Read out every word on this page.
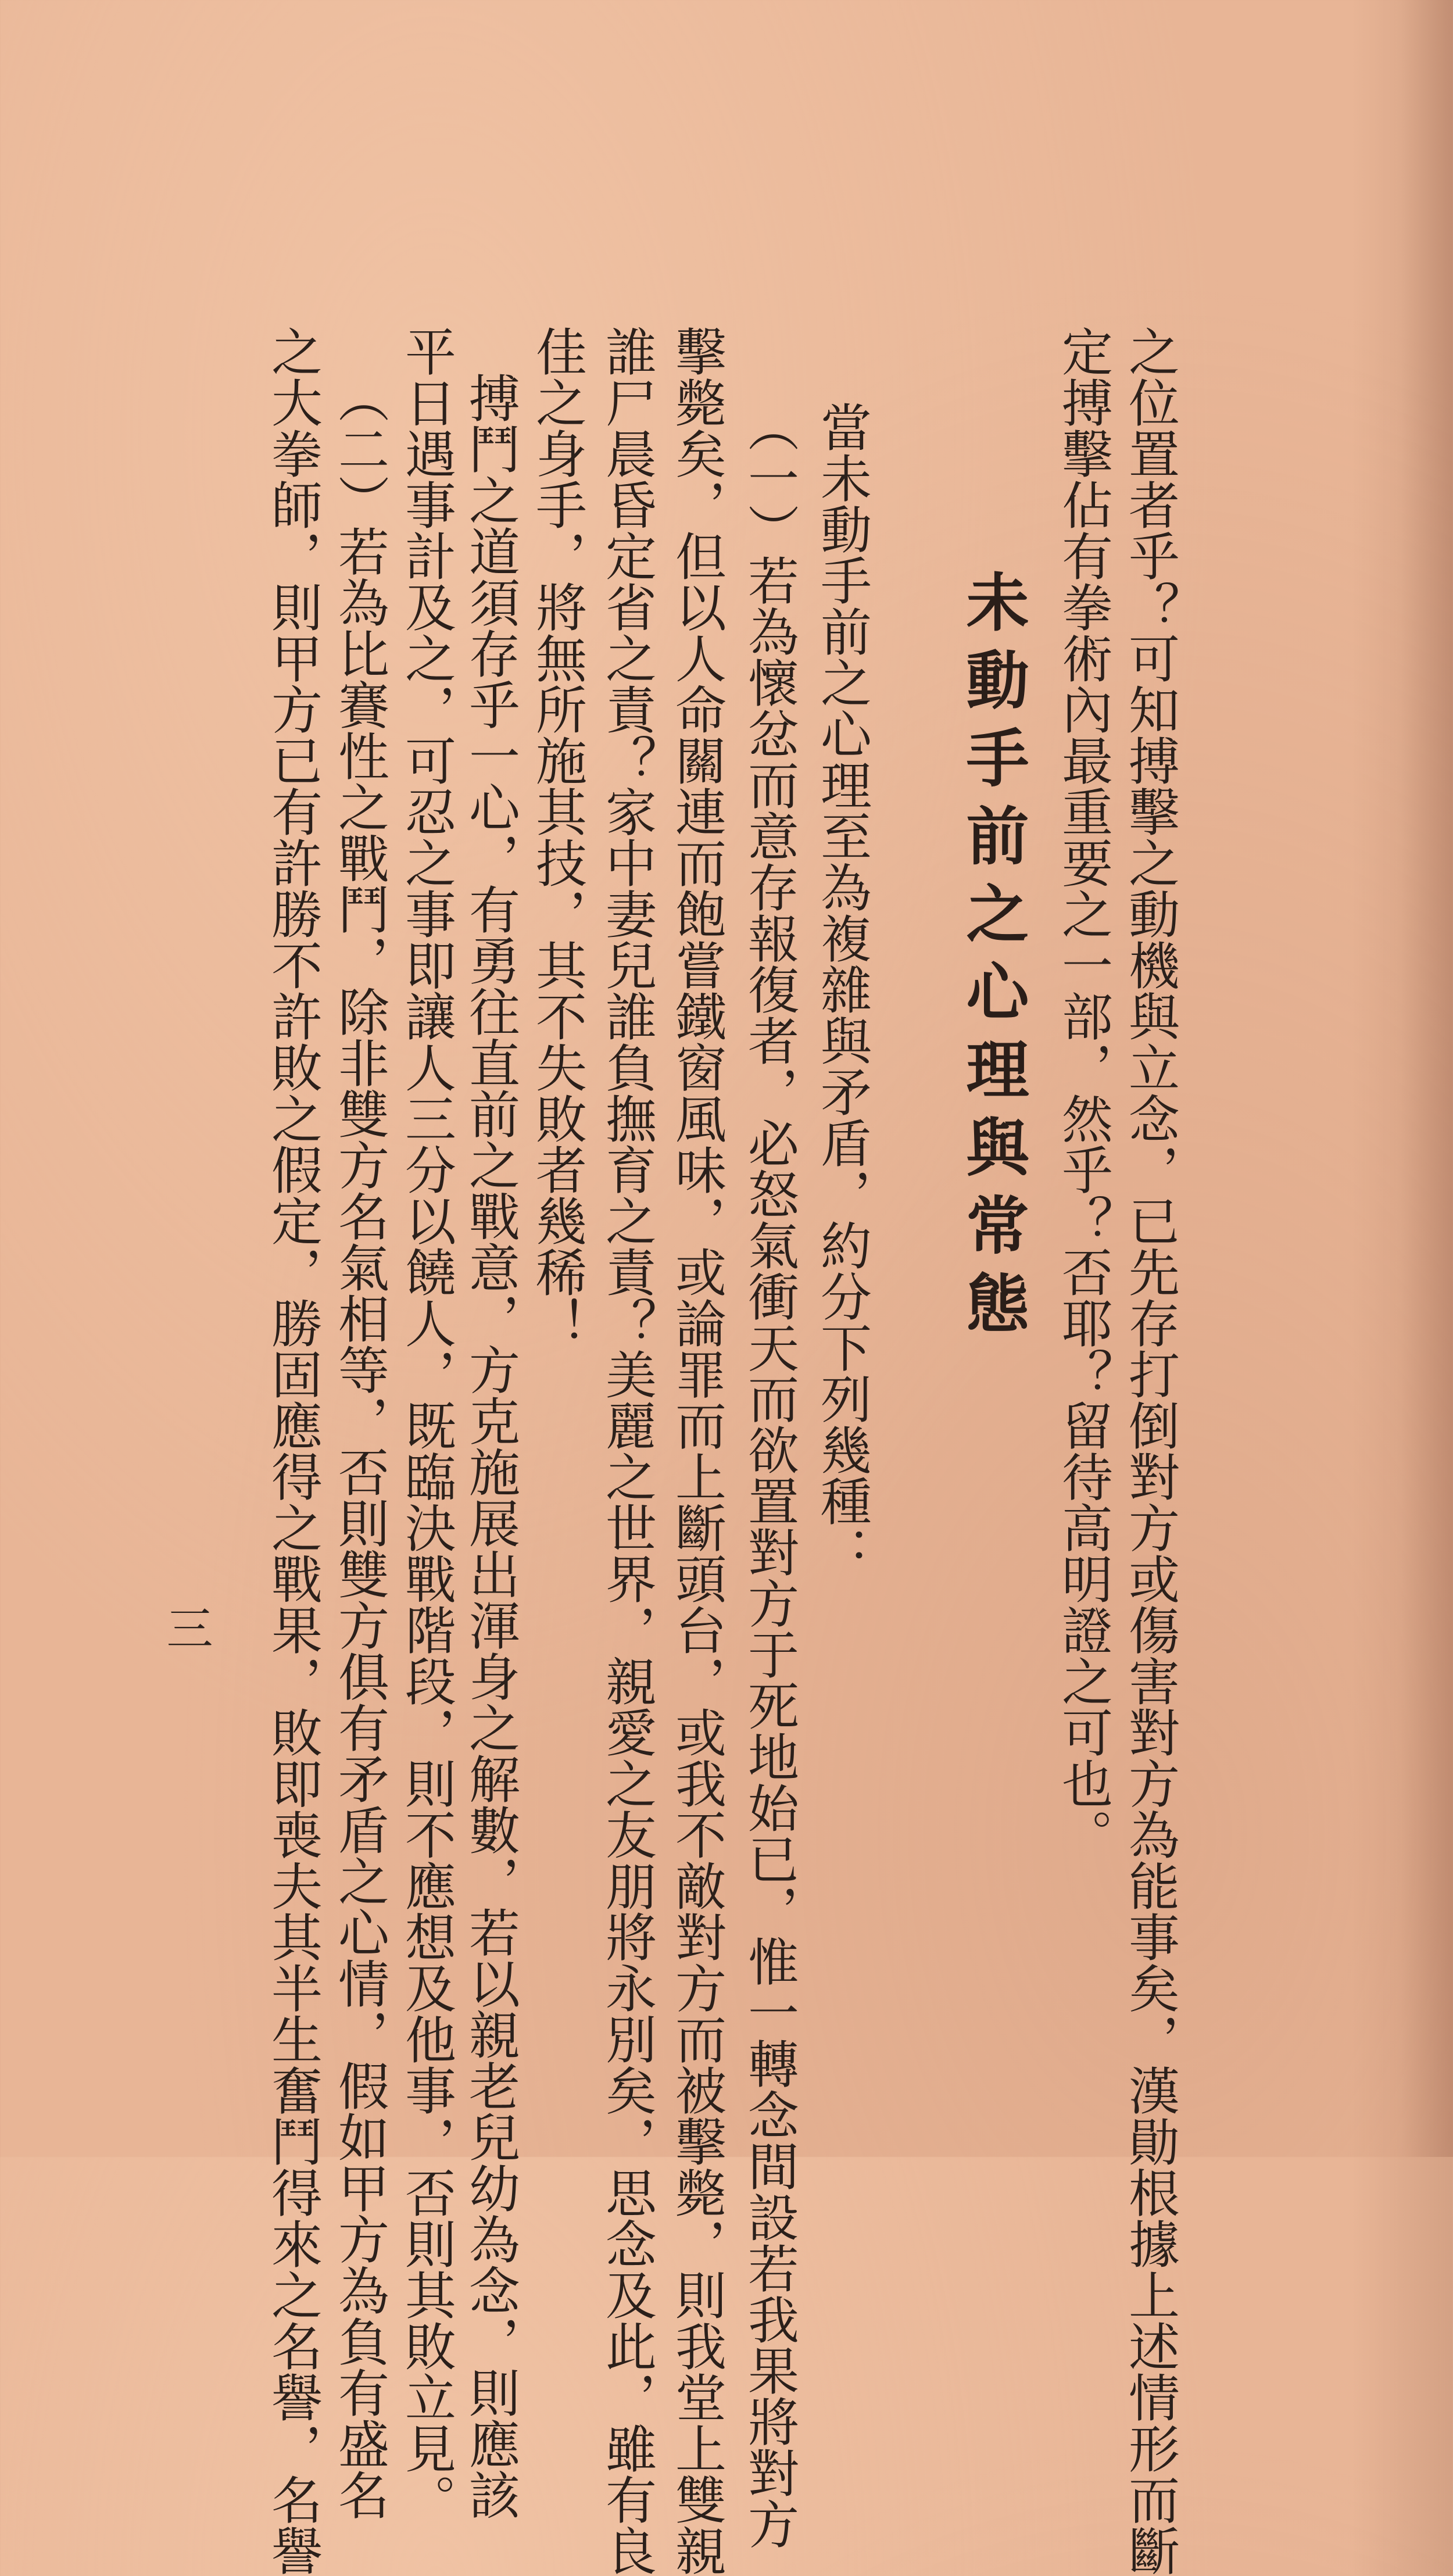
之位置者乎？可知搏擊之動機與立念，已先存打倒對方或傷害對方為能事矣，漢勛根據上述情形而斷
定搏擊佔有拳術內最重要之一部，然乎？否耶？留待高明證之可也。
未動手前之心理與常態
當未動手前之心理至為複雜與矛盾，約分下列幾種：
（一）若為懷忿而意存報復者，必怒氣衝天而欲置對方于死地始已，惟一轉念間設若我果將對方
擊斃矣，但以人命關連而飽嘗鐵窗風味，或論罪而上斷頭台，或我不敵對方而被擊斃，則我堂上雙親
誰尸晨昏定省之責？家中妻兒誰負撫育之責？美麗之世界，親愛之友朋將永別矣，思念及此，雖有良
佳之身手，將無所施其技，其不失敗者幾稀！
搏鬥之道須存乎一心，有勇往直前之戰意，方克施展出渾身之解數，若以親老兒幼為念，則應該
平日遇事計及之，可忍之事即讓人三分以饒人，既臨決戰階段，則不應想及他事，否則其敗立見。
（二）若為比賽性之戰鬥，除非雙方名氣相等，否則雙方俱有矛盾之心情，假如甲方為負有盛名
之大拳師，則甲方已有許勝不許敗之假定，勝固應得之戰果，敗即喪夫其半生奮鬥得來之名譽，名譽
三
